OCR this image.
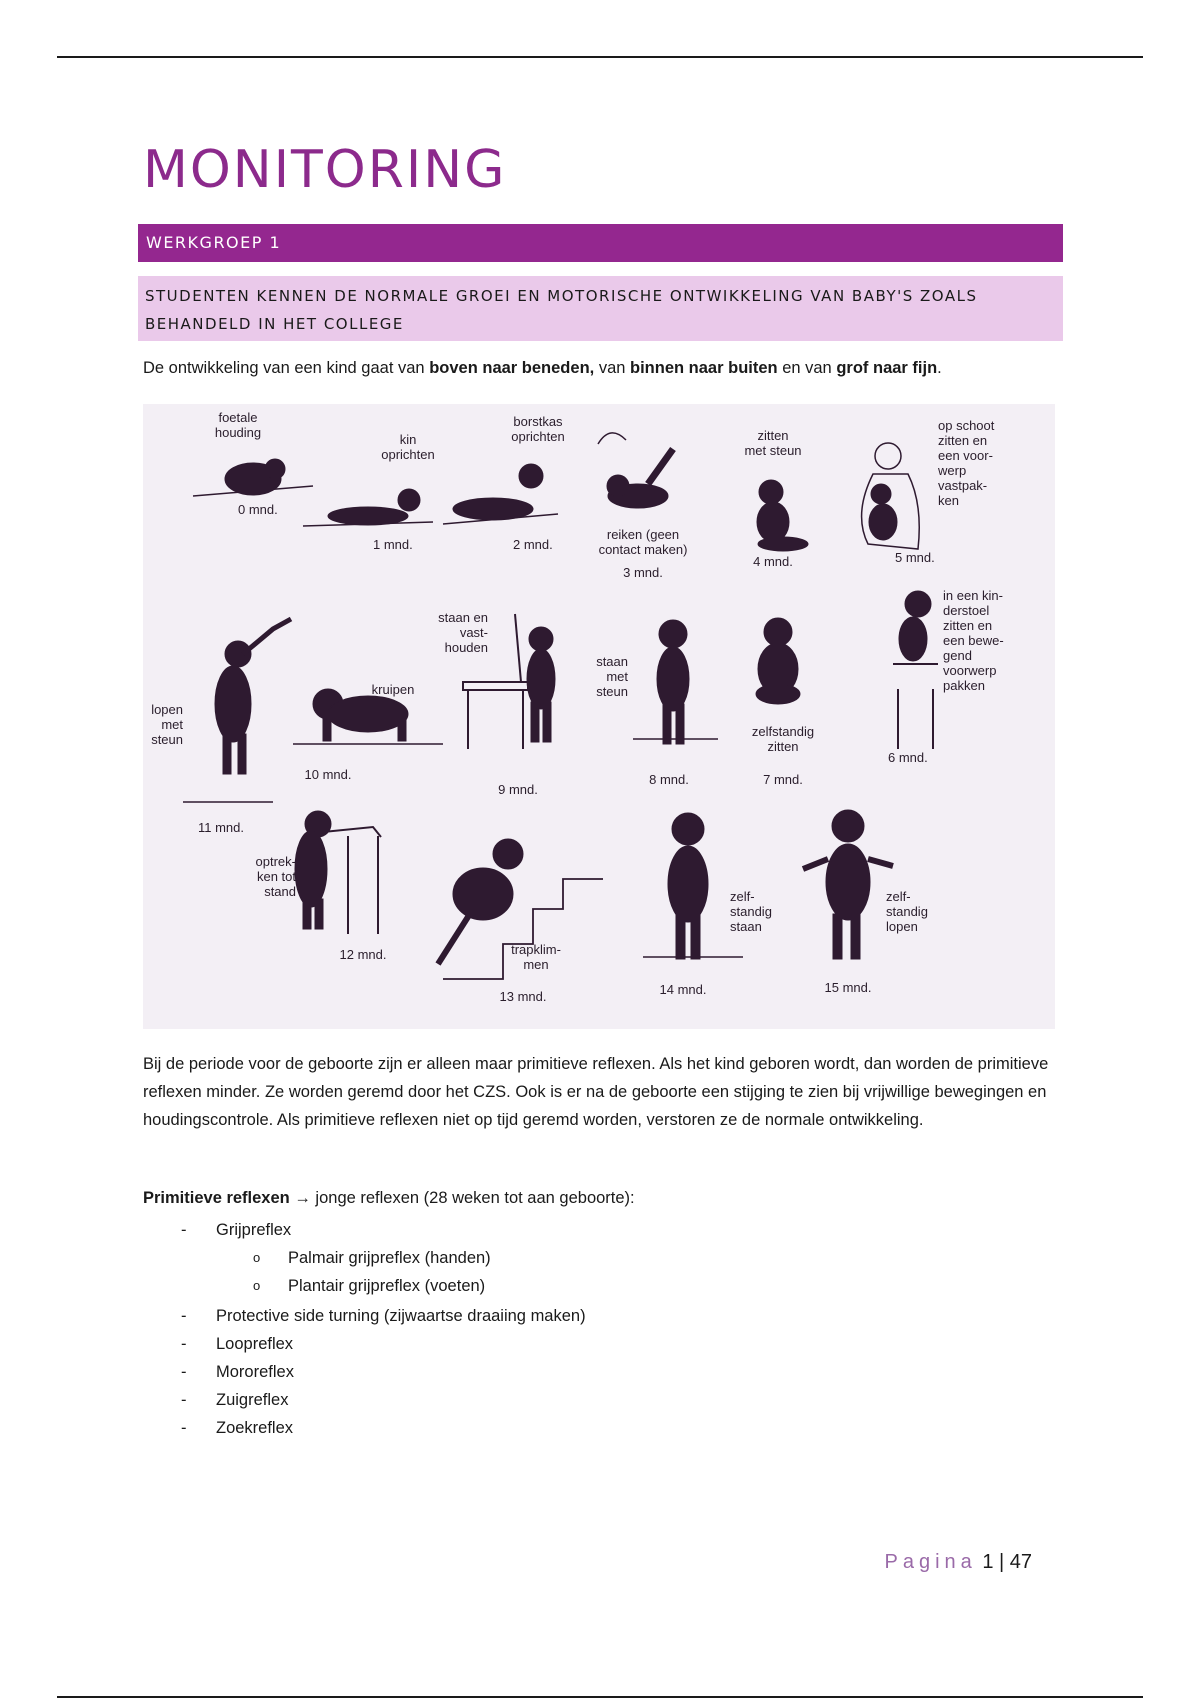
MONITORING
WERKGROEP 1
STUDENTEN KENNEN DE NORMALE GROEI EN MOTORISCHE ONTWIKKELING VAN BABY'S ZOALS BEHANDELD IN HET COLLEGE

De ontwikkeling van een kind gaat van boven naar beneden, van binnen naar buiten en van grof naar fijn.

foetale houding
0 mnd.
kin oprichten
1 mnd.
borstkas oprichten
2 mnd.
reiken (geen contact maken)
3 mnd.
zitten met steun
4 mnd.
op schoot zitten en een voor-werp vastpak-ken
5 mnd.
in een kin-derstoel zitten en een bewe-gend voorwerp pakken
6 mnd.
lopen met steun
11 mnd.
kruipen
10 mnd.
staan en vast-houden
9 mnd.
staan met steun
8 mnd.
zelfstandig zitten
7 mnd.
optrek-ken tot stand
12 mnd.	trapklim-men
13 mnd.
zelf-standig staan
14 mnd.
zelf-standig lopen
15 mnd.

Bij de periode voor de geboorte zijn er alleen maar primitieve reflexen. Als het kind geboren wordt, dan worden de primitieve reflexen minder. Ze worden geremd door het CZS. Ook is er na de geboorte een stijging te zien bij vrijwillige bewegingen en houdingscontrole. Als primitieve reflexen niet op tijd geremd worden, verstoren ze de normale ontwikkeling.

Primitieve reflexen → jonge reflexen (28 weken tot aan geboorte):

- Grijpreflex
o Palmair grijpreflex (handen)
o Plantair grijpreflex (voeten)
- Protective side turning (zijwaartse draaiing maken)
- Loopreflex
- Mororeflex
- Zuigreflex
- Zoekreflex
Pagina 1 | 47
